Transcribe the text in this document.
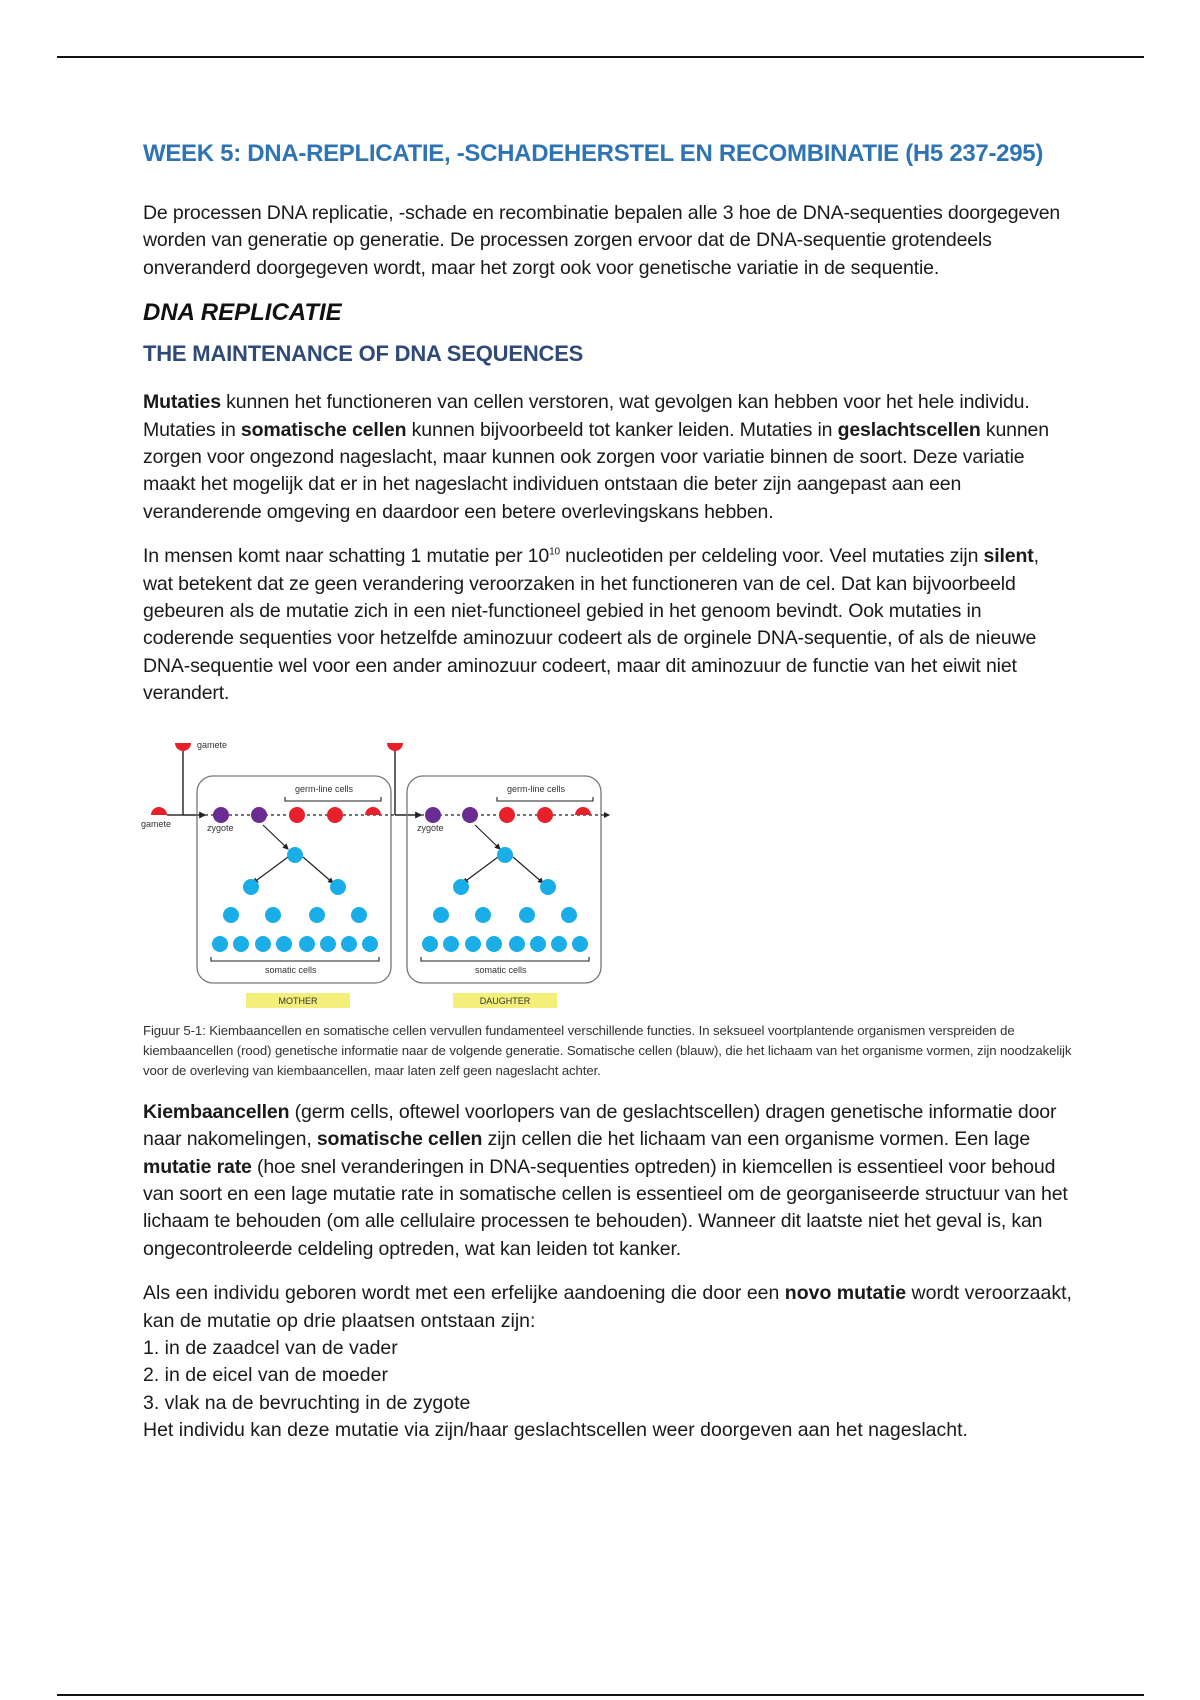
WEEK 5: DNA-REPLICATIE, -SCHADEHERSTEL EN RECOMBINATIE (H5 237-295)

De processen DNA replicatie, -schade en recombinatie bepalen alle 3 hoe de DNA-sequenties doorgegeven worden van generatie op generatie. De processen zorgen ervoor dat de DNA-sequentie grotendeels onveranderd doorgegeven wordt, maar het zorgt ook voor genetische variatie in de sequentie.

DNA REPLICATIE
THE MAINTENANCE OF DNA SEQUENCES

Mutaties kunnen het functioneren van cellen verstoren, wat gevolgen kan hebben voor het hele individu. Mutaties in somatische cellen kunnen bijvoorbeeld tot kanker leiden. Mutaties in geslachtscellen kunnen zorgen voor ongezond nageslacht, maar kunnen ook zorgen voor variatie binnen de soort. Deze variatie maakt het mogelijk dat er in het nageslacht individuen ontstaan die beter zijn aangepast aan een veranderende omgeving en daardoor een betere overlevingskans hebben.

In mensen komt naar schatting 1 mutatie per $10^{10}$ nucleotiden per celdeling voor. Veel mutaties zijn silent, wat betekent dat ze geen verandering veroorzaken in het functioneren van de cel. Dat kan bijvoorbeeld gebeuren als de mutatie zich in een niet-functioneel gebied in het genoom bevindt. Ook mutaties in coderende sequenties voor hetzelfde aminozuur codeert als de orginele DNA-sequentie, of als de nieuwe DNA-sequentie wel voor een ander aminozuur codeert, maar dit aminozuur de functie van het eiwit niet verandert.

gamete
gamete	zygote
germ-line cells
somatic cells
MOTHER
zygote
germ-line cells
somatic cells
DAUGHTER

Figuur 5-1: Kiembaancellen en somatische cellen vervullen fundamenteel verschillende functies. In seksueel voortplantende organismen verspreiden de kiembaancellen (rood) genetische informatie naar de volgende generatie. Somatische cellen (blauw), die het lichaam van het organisme vormen, zijn noodzakelijk voor de overleving van kiembaancellen, maar laten zelf geen nageslacht achter.

Kiembaancellen (germ cells, oftewel voorlopers van de geslachtscellen) dragen genetische informatie door naar nakomelingen, somatische cellen zijn cellen die het lichaam van een organisme vormen. Een lage mutatie rate (hoe snel veranderingen in DNA-sequenties optreden) in kiemcellen is essentieel voor behoud van soort en een lage mutatie rate in somatische cellen is essentieel om de georganiseerde structuur van het lichaam te behouden (om alle cellulaire processen te behouden). Wanneer dit laatste niet het geval is, kan ongecontroleerde celdeling optreden, wat kan leiden tot kanker.

Als een individu geboren wordt met een erfelijke aandoening die door een novo mutatie wordt veroorzaakt, kan de mutatie op drie plaatsen ontstaan zijn:
1. in de zaadcel van de vader
2. in de eicel van de moeder
3. vlak na de bevruchting in de zygote
Het individu kan deze mutatie via zijn/haar geslachtscellen weer doorgeven aan het nageslacht.
